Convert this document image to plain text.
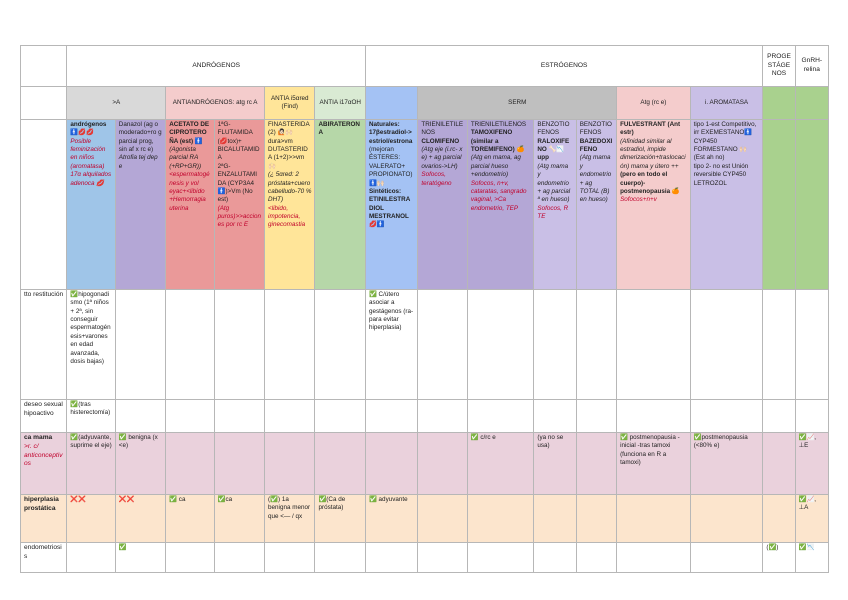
	ANDRÓGENOS						ESTRÓGENOS							PROGESTÁGENOS	GnRH-relina
	>A		ANTIANDRÓGENOS: atg rc A		ANTIA i5αred (Find)	ANTIA i17αOH		SERM				Atg (rc e)	i. AROMATASA		

	andrógenos
🚹💋💋
Posible feminización en niños (aromatasa)
17α alquilados adenoca 💋	Danazol (ag o moderado+ro g parcial prog, sin af x rc e)
Atrofia tej dep e	ACETATO DE CIPROTEROÑA (est) 🚹
(Agonista parcial RA (+RP+GR))
<espermatogénesis y vol eyac+<libido +Hemorragia uterina	1ªG-FLUTAMIDA (💋tox)+ BICALUTAMIDA
2ªG-ENZALUTAMIDA (CYP3A4🚹)>Vm (No est)
(Atg puros)>>acciones por rc E	FINASTERIDA (2) 🙋🏻🙌🏻 dura>vm DUTASTERIDA (1+2)>>vm 🙌🏻
(¿ 5αred: 2 próstata+cuero cabelludo-70 % DHT)
<libido, impotencia, ginecomastia	ABIRATERONA	Naturales: 17βestradiol-> estriol/estrona
(mejoran ÉSTERES: VALERATO+ PROPIONATO) 🚹🙌🏻
Sintéticos: ETINILESTRADIOL MESTRANOL💋🚹	TRIENILETILENOS
CLOMIFENO
(Atg eje (i.rc- x e) + ag parcial ovarios->LH)
Sofocos, teratógeno	TRIENILETILENOS
TAMOXIFENO (similar a TOREMIFENO) 🍊
(Atg en mama, ag parcial hueso +endometrio)
Sofocos, n+v, cataratas, sangrado vaginal, >Ca endometrio, TEP	BENZOTIOFENOS
RALOXIFENO 🦴📉upp
(Atg mama y endometrio + ag parcial ª en hueso)
Sofocos, R TE	BENZOTIOFENOS
BAZEDOXIFENO
(Atg mama y endometrio + ag TOTAL (B) en hueso)	FULVESTRANT (Ant estr)
(Afinidad similar al estradiol, impide dimerización+traslocación) mama y útero ++
(pero en todo el cuerpo)- postmenopausia 🍊
Sofocos+n+v	tipo 1-est Competitivo, irr EXEMESTANO🚹 CYP450
FORMESTANO 🙌🏻 (Est ah no)
tipo 2- no est Unión reversible CYP450 LETROZOL		

tto restitución	✅hipogonadismo (1ª niños + 2ª, sin conseguir espermatogénesis+varones en edad avanzada, dosis bajas)						✅ C/útero asociar a gestágenos (ra- para evitar hiperplasia)								
deseo sexual hipoactivo	✅(tras histerectomía)														

ca mama
>r. c/ anticonceptivos	✅(adyuvante, suprime el eje)	✅ benigna (x <e)							✅ c/rc e	(ya no se usa)		✅ postmenopausia -inicial -tras tamoxi (funciona en R a tamoxi)	✅postmenopausia (<80% e)		✅📈, ⊥E
hiperplasia prostática	❌❌	❌❌	✅ ca	✅ca	(✅) 1a benigna menor que <— / qx	✅(Ca de próstata)	✅ adyuvante								✅📈, ⊥A
endometriosis		✅												(✅)	✅📉
